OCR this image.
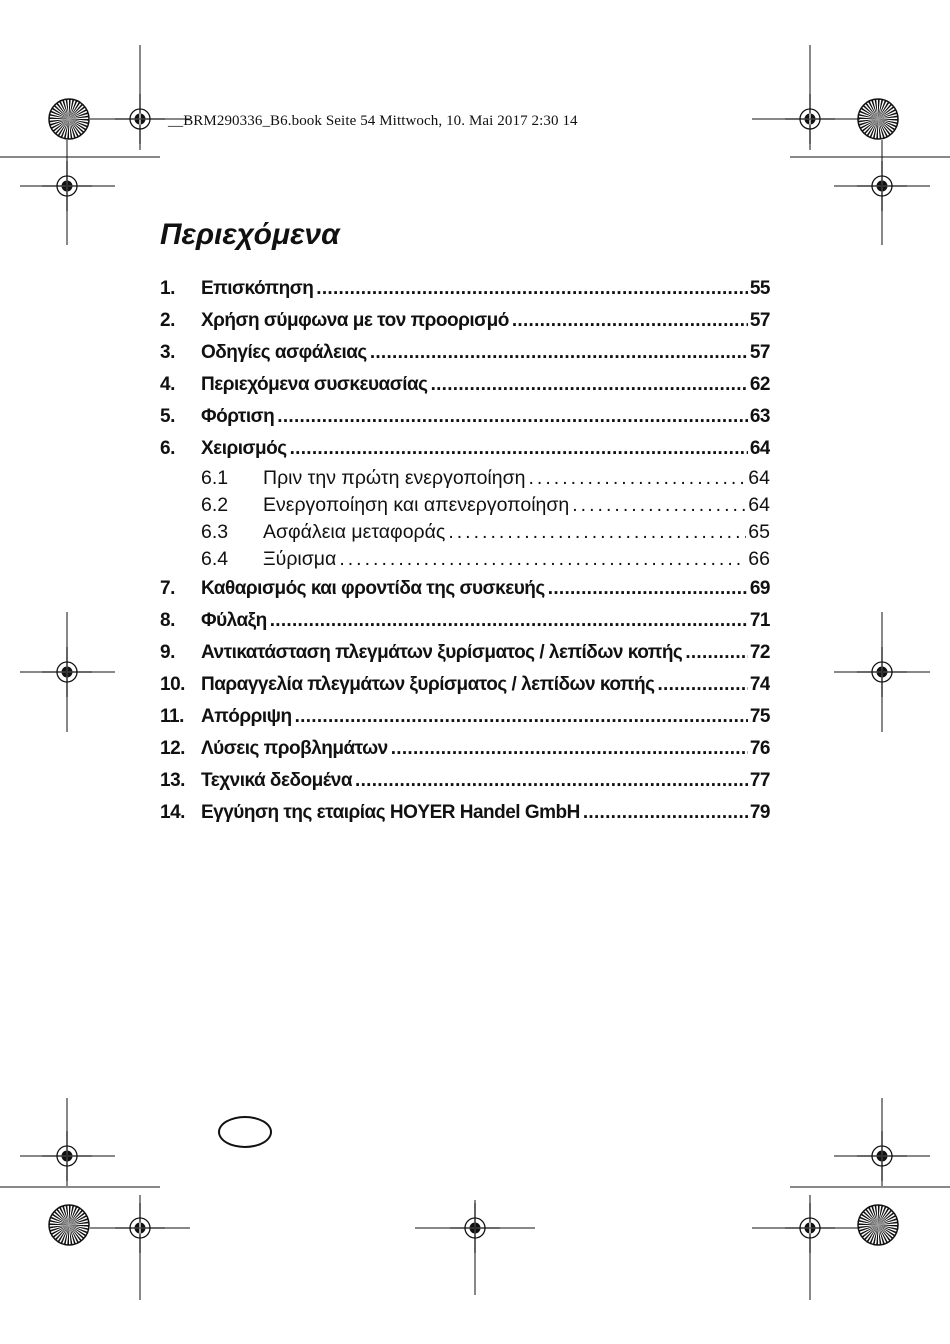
__BRM290336_B6.book Seite 54 Mittwoch, 10. Mai 2017 2:30 14
Περιεχόμενα
1.	Επισκόπηση . . .	55
2.	Χρήση σύμφωνα με τον προορισμό . . .	57
3.	Οδηγίες ασφάλειας . . .	57
4.	Περιεχόμενα συσκευασίας . . .	62
5.	Φόρτιση . . .	63
6.	Χειρισμός . . .	64
6.1	Πριν την πρώτη ενεργοποίηση . . .	64
6.2	Ενεργοποίηση και απενεργοποίηση . . .	64
6.3	Ασφάλεια μεταφοράς . . .	65
6.4	Ξύρισμα . . .	66
7.	Καθαρισμός και φροντίδα της συσκευής . . .	69
8.	Φύλαξη . . .	71
9.	Αντικατάσταση πλεγμάτων ξυρίσματος / λεπίδων κοπής . . .	72
10. Παραγγελία πλεγμάτων ξυρίσματος / λεπίδων κοπής . . .	74
11. Απόρριψη . . .	75
12. Λύσεις προβλημάτων . . .	76
13. Τεχνικά δεδομένα . . .	77
14. Εγγύηση της εταιρίας HOYER Handel GmbH . . .	79
